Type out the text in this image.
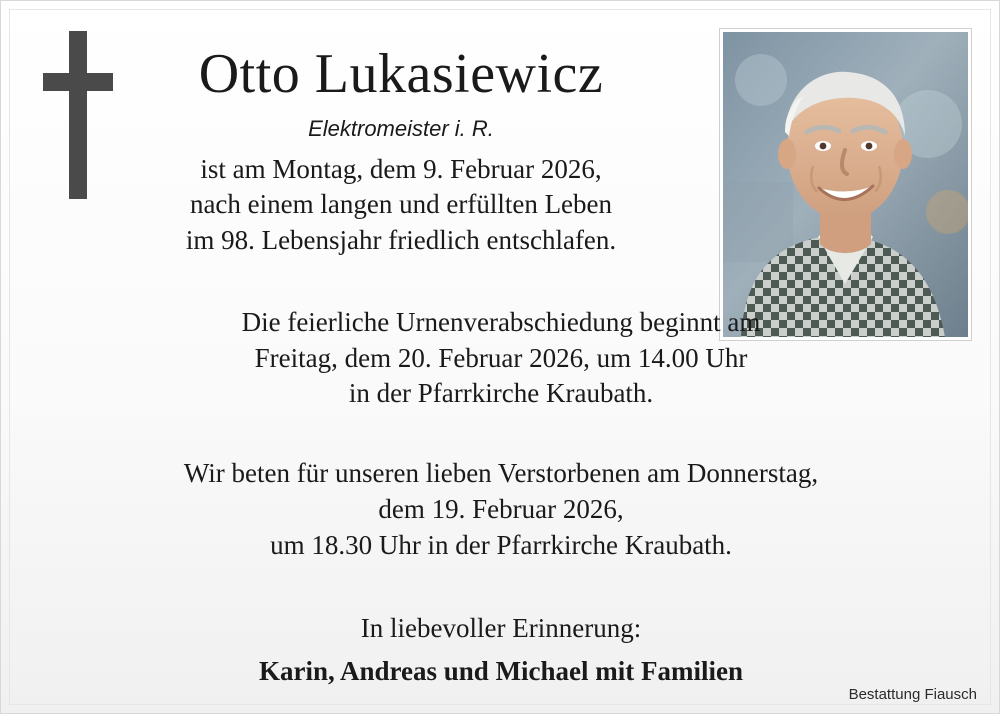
Otto Lukasiewicz
Elektromeister i. R.
ist am Montag, dem 9. Februar 2026,
nach einem langen und erfüllten Leben
im 98. Lebensjahr friedlich entschlafen.
Die feierliche Urnenverabschiedung beginnt am
Freitag, dem 20. Februar 2026, um 14.00 Uhr
in der Pfarrkirche Kraubath.
Wir beten für unseren lieben Verstorbenen am Donnerstag,
dem 19. Februar 2026,
um 18.30 Uhr in der Pfarrkirche Kraubath.
In liebevoller Erinnerung:
Karin, Andreas und Michael mit Familien
Bestattung Fiausch
